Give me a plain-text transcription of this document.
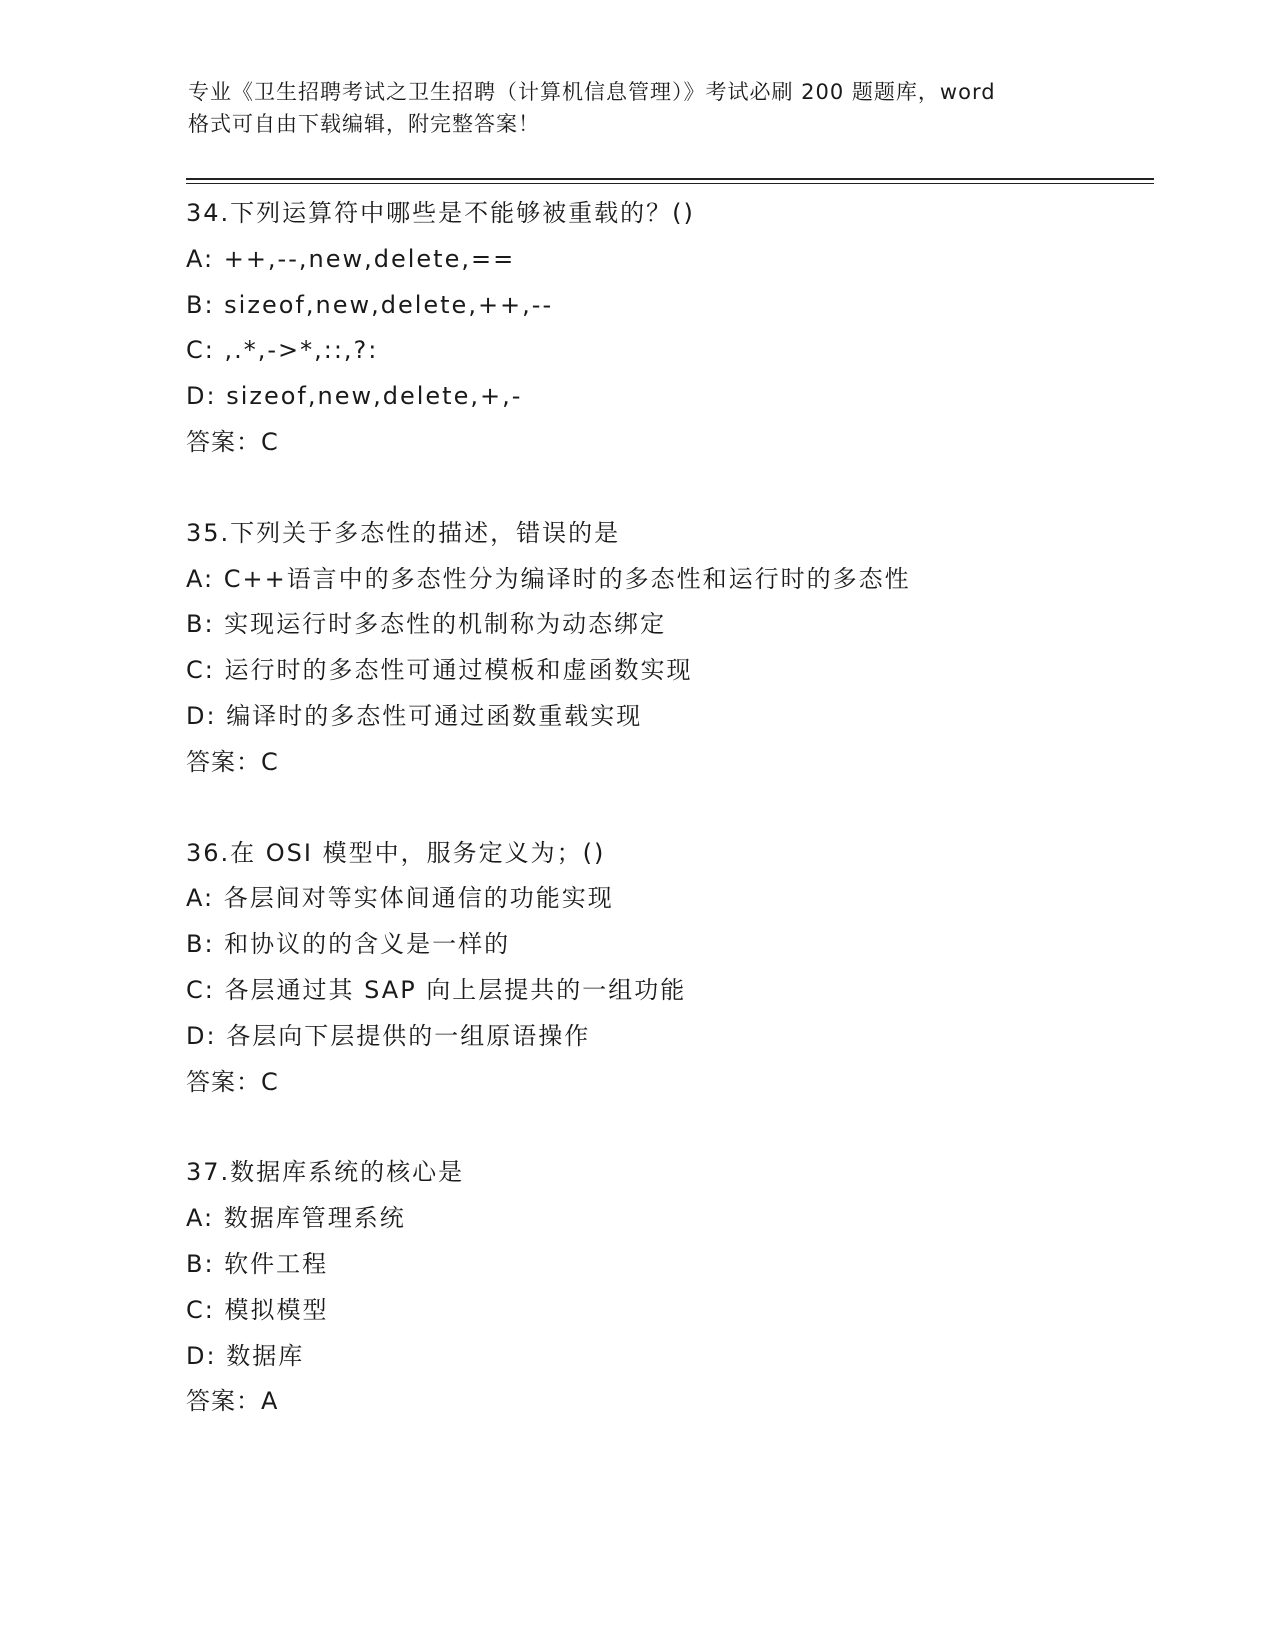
专业《卫生招聘考试之卫生招聘（计算机信息管理）》考试必刷 200 题题库，word
格式可自由下载编辑，附完整答案！
34.下列运算符中哪些是不能够被重载的？()
A: ++,--,new,delete,==
B: sizeof,new,delete,++,--
C: ,.*,->*,::,?:
D: sizeof,new,delete,+,-
答案：C
35.下列关于多态性的描述，错误的是
A: C++语言中的多态性分为编译时的多态性和运行时的多态性
B: 实现运行时多态性的机制称为动态绑定
C: 运行时的多态性可通过模板和虚函数实现
D: 编译时的多态性可通过函数重载实现
答案：C
36.在 OSI 模型中，服务定义为；()
A: 各层间对等实体间通信的功能实现
B: 和协议的的含义是一样的
C: 各层通过其 SAP 向上层提共的一组功能
D: 各层向下层提供的一组原语操作
答案：C
37.数据库系统的核心是
A: 数据库管理系统
B: 软件工程
C: 模拟模型
D: 数据库
答案：A
